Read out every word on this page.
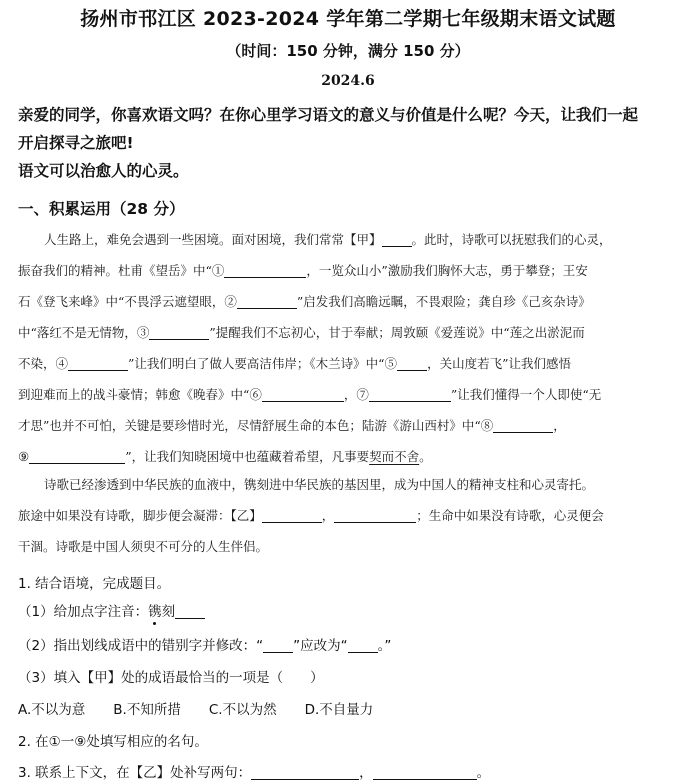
扬州市邗江区 2023-2024 学年第二学期七年级期末语文试题
（时间：150 分钟，满分 150 分）
2024.6

亲爱的同学，你喜欢语文吗？在你心里学习语文的意义与价值是什么呢？今天，让我们一起

开启探寻之旅吧!

语文可以治愈人的心灵。

一、积累运用（28 分）
人生路上，难免会遇到一些困境。面对困境，我们常常【甲】 。此时，诗歌可以抚慰我们的心灵，
振奋我们的精神。杜甫《望岳》中“①	，一览众山小”激励我们胸怀大志，勇于攀登；王安
石《登飞来峰》中“不畏浮云遮望眼，②	”启发我们高瞻远瞩，不畏艰险；龚自珍《己亥杂诗》
中“落红不是无情物，③	”提醒我们不忘初心，甘于奉献；周敦颐《爱莲说》中“莲之出淤泥而
不染，④	”让我们明白了做人要高洁伟岸；《木兰诗》中“⑤ ，关山度若飞”让我们感悟
到迎难而上的战斗豪情；韩愈《晚春》中“⑥	，⑦	”让我们懂得一个人即使“无
才思”也并不可怕，关键是要珍惜时光，尽情舒展生命的本色；陆游《游山西村》中“⑧	，
⑨	”，让我们知晓困境中也蕴藏着希望，凡事要契而不舍。
诗歌已经渗透到中华民族的血液中，镌刻进中华民族的基因里，成为中国人的精神支柱和心灵寄托。
旅途中如果没有诗歌，脚步便会凝滞：【乙】	，	；生命中如果没有诗歌，心灵便会
干涸。诗歌是中国人须臾不可分的人生伴侣。
1. 结合语境，完成题目。
（1）给加点字注音：镌刻
（2）指出划线成语中的错别字并修改：“ ”应改为“ 。”
（3）填入【甲】处的成语最恰当的一项是（　　）
A.不以为意 B.不知所措 C.不以为然 D.不自量力
2. 在①一⑨处填写相应的名句。
3. 联系上下文，在【乙】处补写两句：	，	。
